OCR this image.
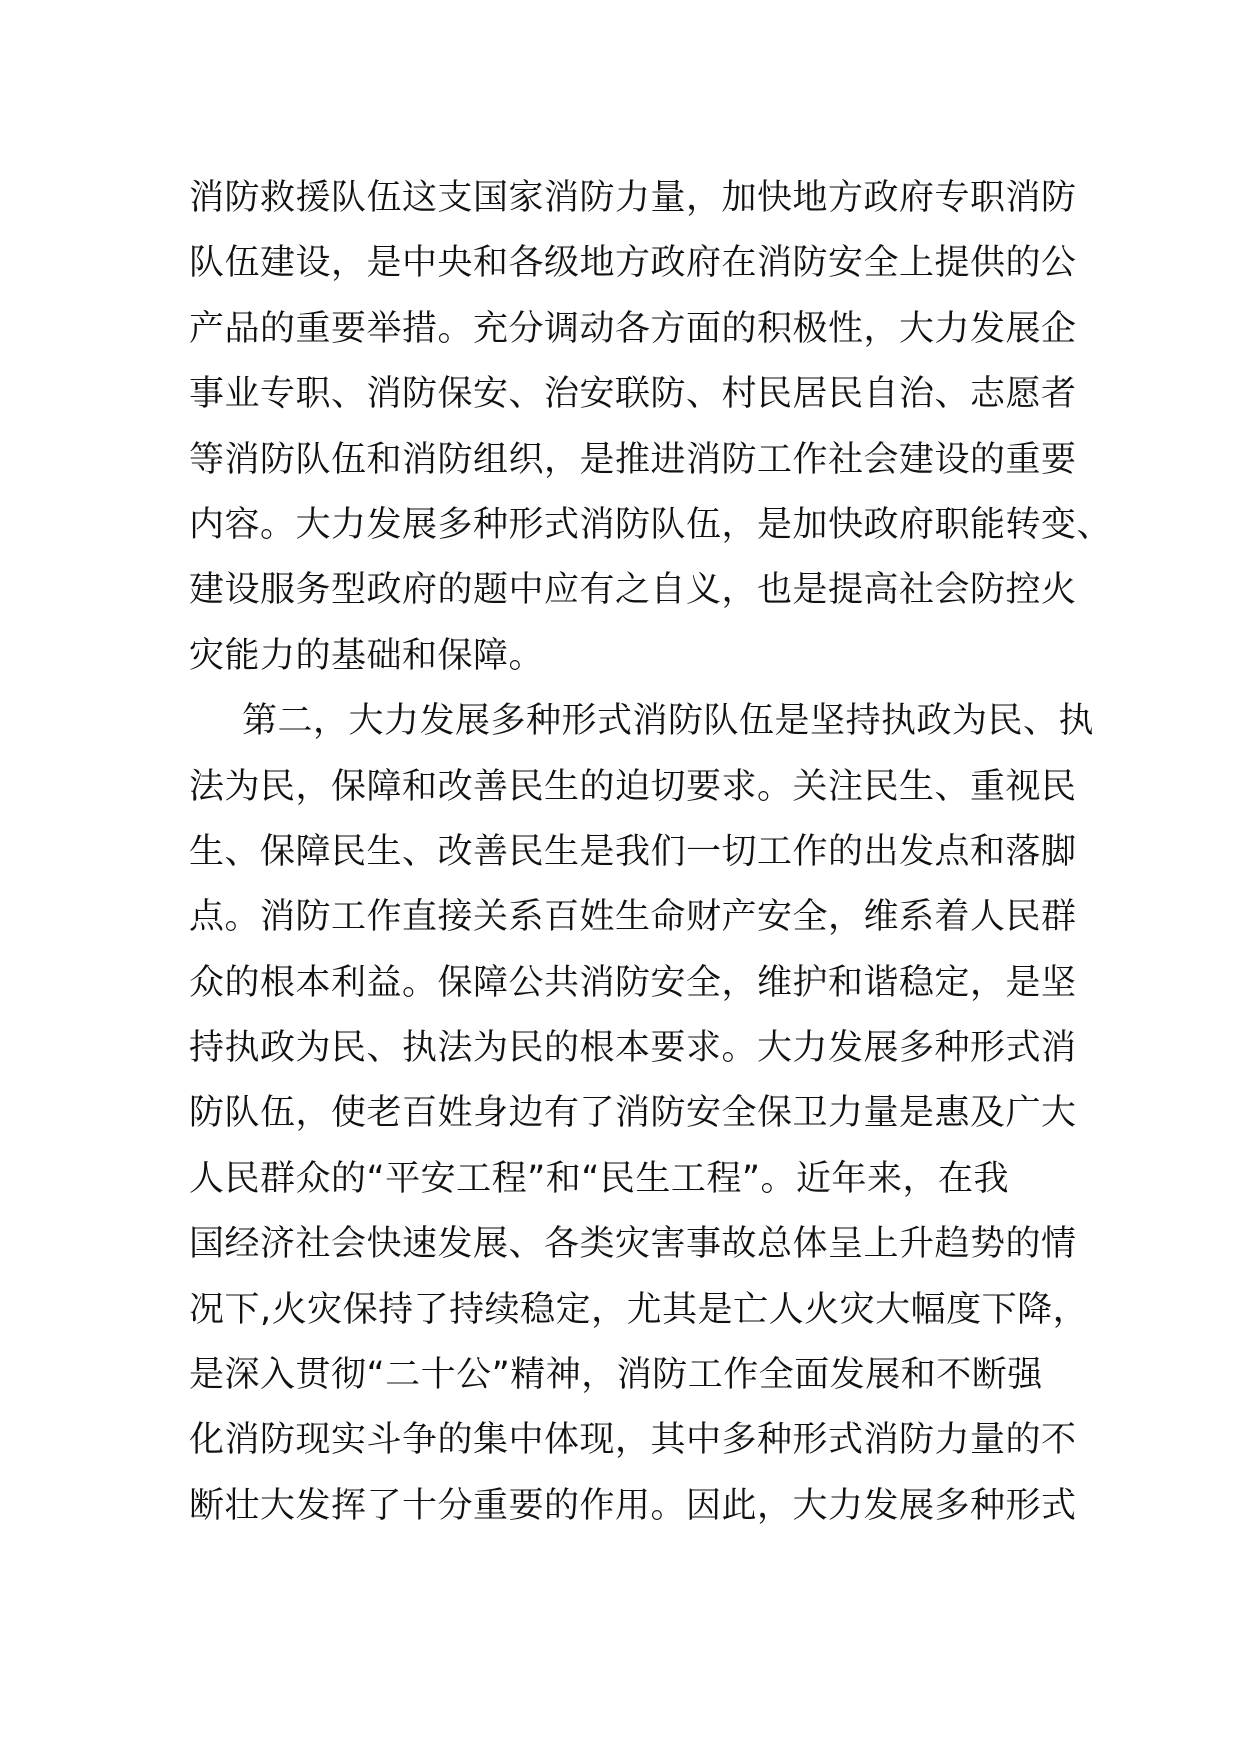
消防救援队伍这支国家消防力量，加快地方政府专职消防
队伍建设，是中央和各级地方政府在消防安全上提供的公
产品的重要举措。充分调动各方面的积极性，大力发展企
事业专职、消防保安、治安联防、村民居民自治、志愿者
等消防队伍和消防组织，是推进消防工作社会建设的重要
内容。大力发展多种形式消防队伍，是加快政府职能转变、
建设服务型政府的题中应有之自义，也是提高社会防控火
灾能力的基础和保障。
第二，大力发展多种形式消防队伍是坚持执政为民、执
法为民，保障和改善民生的迫切要求。关注民生、重视民
生、保障民生、改善民生是我们一切工作的出发点和落脚
点。消防工作直接关系百姓生命财产安全，维系着人民群
众的根本利益。保障公共消防安全，维护和谐稳定，是坚
持执政为民、执法为民的根本要求。大力发展多种形式消
防队伍，使老百姓身边有了消防安全保卫力量是惠及广大
人民群众的“平安工程”和“民生工程”。近年来，在我
国经济社会快速发展、各类灾害事故总体呈上升趋势的情
况下,火灾保持了持续稳定，尤其是亡人火灾大幅度下降，
是深入贯彻“二十公”精神，消防工作全面发展和不断强
化消防现实斗争的集中体现，其中多种形式消防力量的不
断壮大发挥了十分重要的作用。因此，大力发展多种形式
